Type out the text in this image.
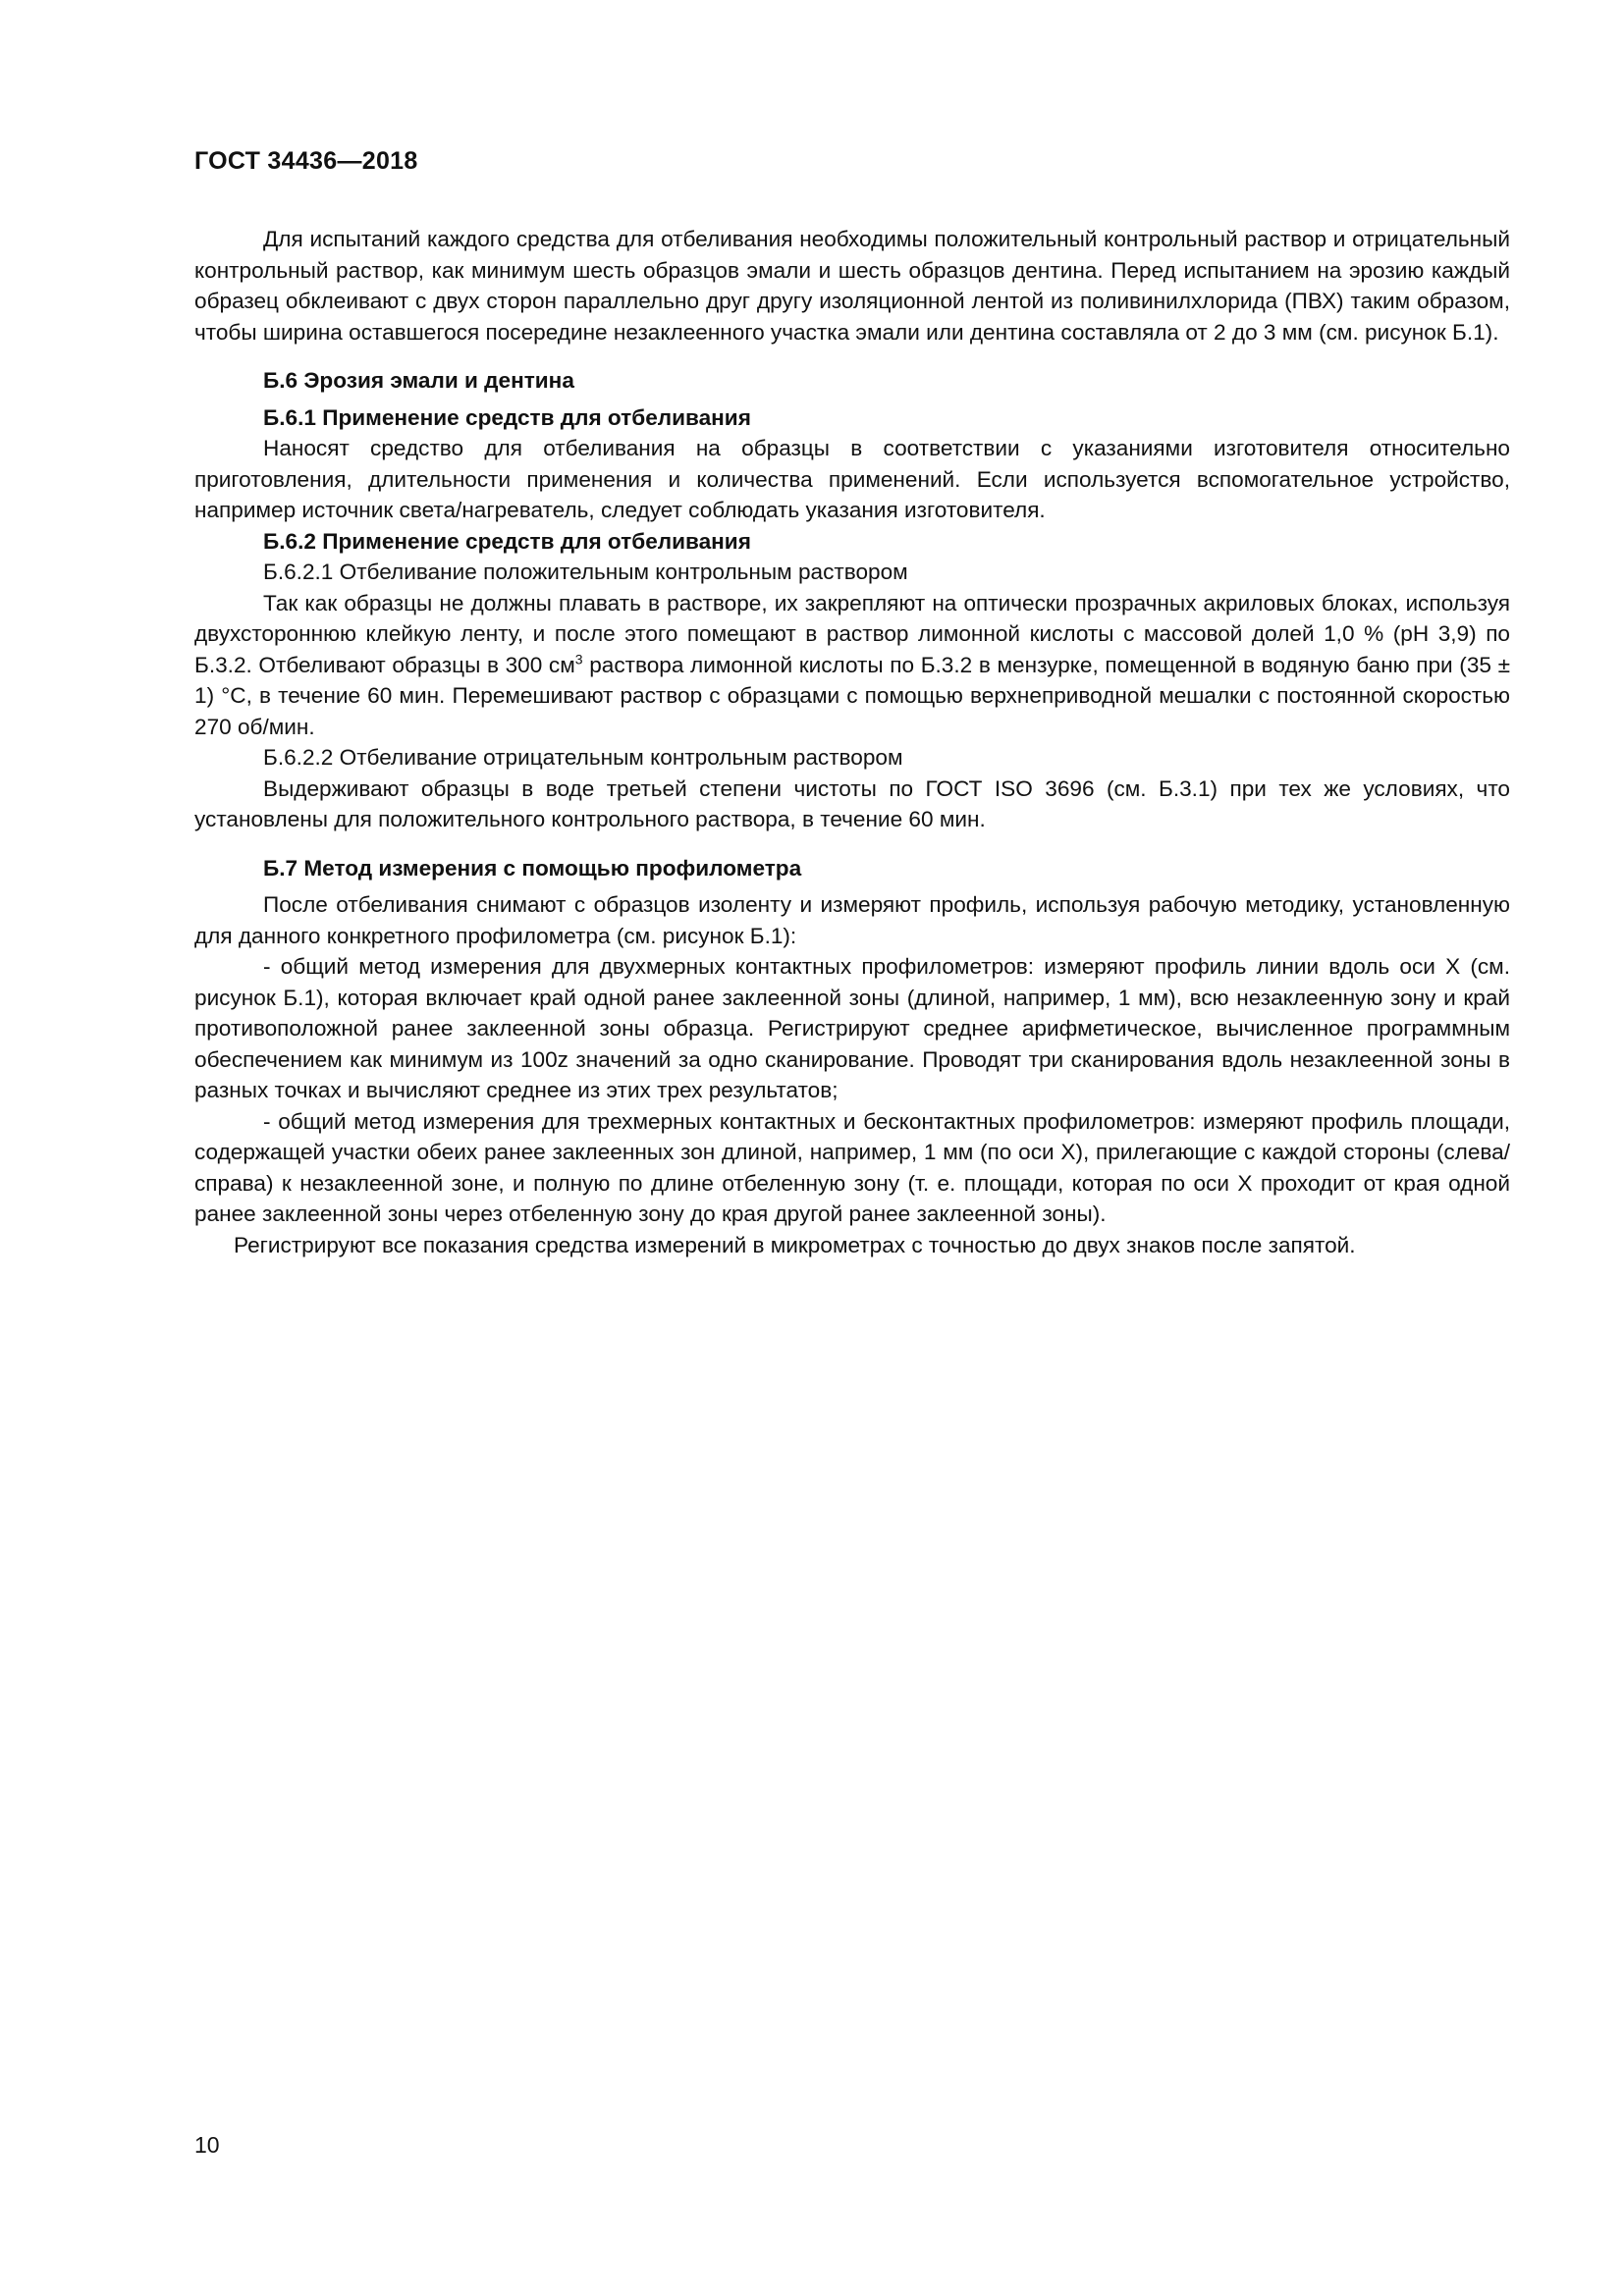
ГОСТ 34436—2018

Для испытаний каждого средства для отбеливания необходимы положительный контрольный раствор и отрицательный контрольный раствор, как минимум шесть образцов эмали и шесть образцов дентина. Перед испытанием на эрозию каждый образец обклеивают с двух сторон параллельно друг другу изоляционной лентой из поливинилхлорида (ПВХ) таким образом, чтобы ширина оставшегося посередине незаклеенного участка эмали или дентина составляла от 2 до 3 мм (см. рисунок Б.1).

Б.6 Эрозия эмали и дентина
Б.6.1 Применение средств для отбеливания

Наносят средство для отбеливания на образцы в соответствии с указаниями изготовителя относительно приготовления, длительности применения и количества применений. Если используется вспомогательное устройство, например источник света/нагреватель, следует соблюдать указания изготовителя.

Б.6.2 Применение средств для отбеливания
Б.6.2.1 Отбеливание положительным контрольным раствором

Так как образцы не должны плавать в растворе, их закрепляют на оптически прозрачных акриловых блоках, используя двухстороннюю клейкую ленту, и после этого помещают в раствор лимонной кислоты с массовой долей 1,0 % (pH 3,9) по Б.3.2. Отбеливают образцы в 300 $см^3$ раствора лимонной кислоты по Б.3.2 в мензурке, помещенной в водяную баню при (35 ± 1) °C, в течение 60 мин. Перемешивают раствор с образцами с помощью верхнеприводной мешалки с постоянной скоростью 270 об/мин.

Б.6.2.2 Отбеливание отрицательным контрольным раствором

Выдерживают образцы в воде третьей степени чистоты по ГОСТ ISO 3696 (см. Б.3.1) при тех же условиях, что установлены для положительного контрольного раствора, в течение 60 мин.

Б.7 Метод измерения с помощью профилометра

После отбеливания снимают с образцов изоленту и измеряют профиль, используя рабочую методику, установленную для данного конкретного профилометра (см. рисунок Б.1):

- общий метод измерения для двухмерных контактных профилометров: измеряют профиль линии вдоль оси X (см. рисунок Б.1), которая включает край одной ранее заклеенной зоны (длиной, например, 1 мм), всю незаклеенную зону и край противоположной ранее заклеенной зоны образца. Регистрируют среднее арифметическое, вычисленное программным обеспечением как минимум из 100z значений за одно сканирование. Проводят три сканирования вдоль незаклеенной зоны в разных точках и вычисляют среднее из этих трех результатов;

- общий метод измерения для трехмерных контактных и бесконтактных профилометров: измеряют профиль площади, содержащей участки обеих ранее заклеенных зон длиной, например, 1 мм (по оси X), прилегающие с каждой стороны (слева/справа) к незаклеенной зоне, и полную по длине отбеленную зону (т. е. площади, которая по оси X проходит от края одной ранее заклеенной зоны через отбеленную зону до края другой ранее заклеенной зоны).

Регистрируют все показания средства измерений в микрометрах с точностью до двух знаков после запятой.

10
